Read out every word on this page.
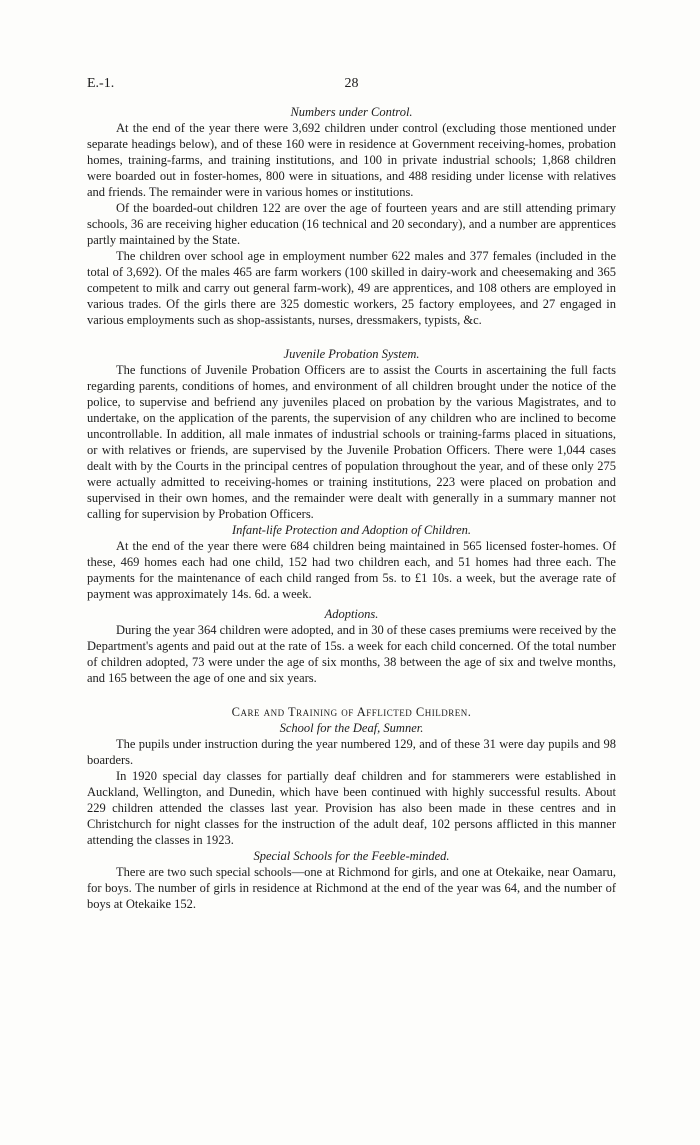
E.-1.	28
Numbers under Control.

At the end of the year there were 3,692 children under control (excluding those mentioned under separate headings below), and of these 160 were in residence at Government receiving-homes, probation homes, training-farms, and training institutions, and 100 in private industrial schools; 1,868 children were boarded out in foster-homes, 800 were in situations, and 488 residing under license with relatives and friends. The remainder were in various homes or institutions.

Of the boarded-out children 122 are over the age of fourteen years and are still attending primary schools, 36 are receiving higher education (16 technical and 20 secondary), and a number are apprentices partly maintained by the State.

The children over school age in employment number 622 males and 377 females (included in the total of 3,692). Of the males 465 are farm workers (100 skilled in dairy-work and cheesemaking and 365 competent to milk and carry out general farm-work), 49 are apprentices, and 108 others are employed in various trades. Of the girls there are 325 domestic workers, 25 factory employees, and 27 engaged in various employments such as shop-assistants, nurses, dressmakers, typists, &c.

Juvenile Probation System.

The functions of Juvenile Probation Officers are to assist the Courts in ascertaining the full facts regarding parents, conditions of homes, and environment of all children brought under the notice of the police, to supervise and befriend any juveniles placed on probation by the various Magistrates, and to undertake, on the application of the parents, the supervision of any children who are inclined to become uncontrollable. In addition, all male inmates of industrial schools or training-farms placed in situations, or with relatives or friends, are supervised by the Juvenile Probation Officers. There were 1,044 cases dealt with by the Courts in the principal centres of population throughout the year, and of these only 275 were actually admitted to receiving-homes or training institutions, 223 were placed on probation and supervised in their own homes, and the remainder were dealt with generally in a summary manner not calling for supervision by Probation Officers.

Infant-life Protection and Adoption of Children.

At the end of the year there were 684 children being maintained in 565 licensed foster-homes. Of these, 469 homes each had one child, 152 had two children each, and 51 homes had three each. The payments for the maintenance of each child ranged from 5s. to £1 10s. a week, but the average rate of payment was approximately 14s. 6d. a week.

Adoptions.

During the year 364 children were adopted, and in 30 of these cases premiums were received by the Department's agents and paid out at the rate of 15s. a week for each child concerned. Of the total number of children adopted, 73 were under the age of six months, 38 between the age of six and twelve months, and 165 between the age of one and six years.

Care and Training of Afflicted Children.
School for the Deaf, Sumner.

The pupils under instruction during the year numbered 129, and of these 31 were day pupils and 98 boarders.

In 1920 special day classes for partially deaf children and for stammerers were established in Auckland, Wellington, and Dunedin, which have been continued with highly successful results. About 229 children attended the classes last year. Provision has also been made in these centres and in Christchurch for night classes for the instruction of the adult deaf, 102 persons afflicted in this manner attending the classes in 1923.

Special Schools for the Feeble-minded.

There are two such special schools—one at Richmond for girls, and one at Otekaike, near Oamaru, for boys. The number of girls in residence at Richmond at the end of the year was 64, and the number of boys at Otekaike 152.
